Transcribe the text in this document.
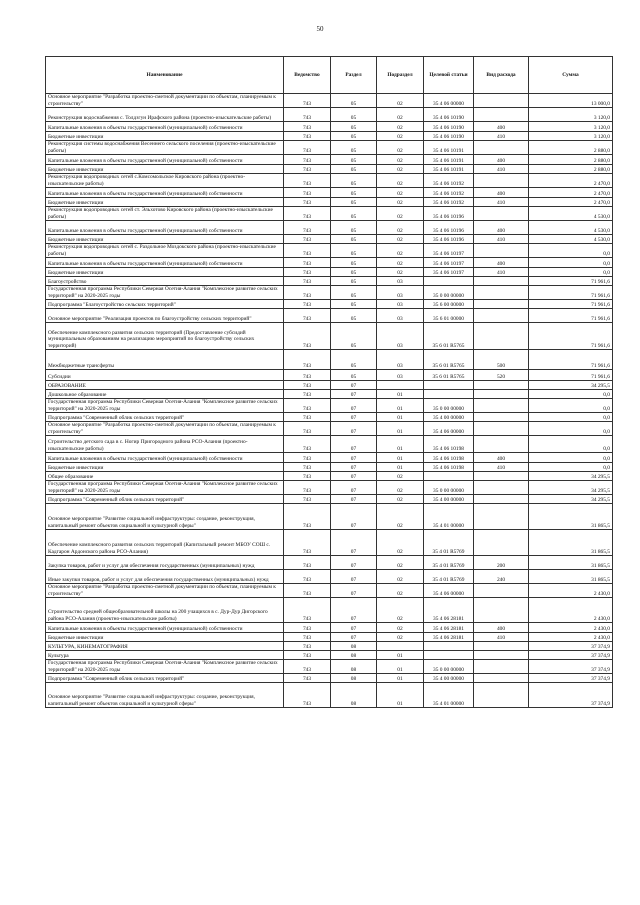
50
Наименование	Ведомство	Раздел	Подраздел	Целевой статьи	Вид расхода	Сумма
Основное мероприятие "Разработка проектно-сметной документации по объектам, планируемым к строительству"	743	05	02	35 4 06 00000		13 000,0
Реконструкция водоснабжения с. Толдзгун Ирафского района (проектно-изыскательские работы)	743	05	02	35 4 06 10190		3 120,0
Капитальные вложения в объекты государственной (муниципальной) собственности	743	05	02	35 4 06 10190	400	3 120,0
Бюджетные инвестиции	743	05	02	35 4 06 10190	410	3 120,0
Реконструкция системы водоснабжения Весеннего сельского поселения (проектно-изыскательские работы)	743	05	02	35 4 06 10191		2 880,0
Капитальные вложения в объекты государственной (муниципальной) собственности	743	05	02	35 4 06 10191	400	2 880,0
Бюджетные инвестиции	743	05	02	35 4 06 10191	410	2 880,0
Реконструкция водопроводных сетей с.Комсомольское Кировского района (проектно-изыскательские работы)	743	05	02	35 4 06 10192		2 470,0
Капитальные вложения в объекты государственной (муниципальной) собственности	743	05	02	35 4 06 10192	400	2 470,0
Бюджетные инвестиции	743	05	02	35 4 06 10192	410	2 470,0
Реконструкция водопроводных сетей ст. Эльхотово Кировского района (проектно-изыскательские работы)	743	05	02	35 4 06 10196		4 530,0
Капитальные вложения в объекты государственной (муниципальной) собственности	743	05	02	35 4 06 10196	400	4 530,0
Бюджетные инвестиции	743	05	02	35 4 06 10196	410	4 530,0
Реконструкция водопроводных сетей с. Раздольное Моздокского района (проектно-изыскательские работы)	743	05	02	35 4 06 10197		0,0
Капитальные вложения в объекты государственной (муниципальной) собственности	743	05	02	35 4 06 10197	400	0,0
Бюджетные инвестиции	743	05	02	35 4 06 10197	410	0,0
Благоустройство	743	05	03			71 961,6
Государственная программа Республики Северная Осетия-Алания "Комплексное развитие сельских территорий" на 2020-2025 годы	743	05	03	35 0 00 00000		71 961,6
Подпрограмма "Благоустройство сельских территорий"	743	05	03	35 6 00 00000		71 961,6
Основное мероприятие "Реализация проектов по благоустройству сельских территорий"	743	05	03	35 6 01 00000		71 961,6
Обеспечение комплексного развития сельских территорий (Предоставление субсидий муниципальным образованиям на реализацию мероприятий по благоустройству сельских территорий)	743	05	03	35 6 01 R5765		71 961,6
Межбюджетные трансферты	743	05	03	35 6 01 R5765	500	71 961,6
Субсидии	743	05	03	35 6 01 R5765	520	71 961,6
ОБРАЗОВАНИЕ	743	07				34 295,5
Дошкольное образование	743	07	01			0,0
Государственная программа Республики Северная Осетия-Алания "Комплексное развитие сельских территорий" на 2020-2025 годы	743	07	01	35 0 00 00000		0,0
Подпрограмма "Современный облик сельских территорий"	743	07	01	35 4 00 00000		0,0
Основное мероприятие "Разработка проектно-сметной документации по объектам, планируемым к строительству"	743	07	01	35 4 06 00000		0,0
Строительство детского сада в с. Ногир Пригородного района РСО-Алания (проектно-изыскательские работы)	743	07	01	35 4 06 10198		0,0
Капитальные вложения в объекты государственной (муниципальной) собственности	743	07	01	35 4 06 10198	400	0,0
Бюджетные инвестиции	743	07	01	35 4 06 10198	410	0,0
Общее образование	743	07	02			34 295,5
Государственная программа Республики Северная Осетия-Алания "Комплексное развитие сельских территорий" на 2020-2025 годы	743	07	02	35 0 00 00000		34 295,5
Подпрограмма "Современный облик сельских территорий"	743	07	02	35 4 00 00000		34 295,5
Основное мероприятие "Развитие социальной инфраструктуры: создание, реконструкция, капитальный ремонт объектов социальной и культурной сферы"	743	07	02	35 4 01 00000		31 865,5
Обеспечение комплексного развития сельских территорий (Капитальный ремонт МБОУ СОШ с. Кадгарон Ардонского района РСО-Алания)	743	07	02	35 4 01 R5769		31 865,5
Закупка товаров, работ и услуг для обеспечения государственных (муниципальных) нужд	743	07	02	35 4 01 R5769	200	31 865,5
Иные закупки товаров, работ и услуг для обеспечения государственных (муниципальных) нужд	743	07	02	35 4 01 R5769	240	31 865,5
Основное мероприятие "Разработка проектно-сметной документации по объектам, планируемым к строительству"	743	07	02	35 4 06 00000		2 430,0
Строительство средней общеобразовательной школы на 200 учащихся в с. Дур-Дур Дигорского района РСО-Алания (проектно-изыскательские работы)	743	07	02	35 4 06 28181		2 430,0
Капитальные вложения в объекты государственной (муниципальной) собственности	743	07	02	35 4 06 28181	400	2 430,0
Бюджетные инвестиции	743	07	02	35 4 06 28181	410	2 430,0
КУЛЬТУРА, КИНЕМАТОГРАФИЯ	743	08				37 374,9
Культура	743	08	01			37 374,9
Государственная программа Республики Северная Осетия-Алания "Комплексное развитие сельских территорий" на 2020-2025 годы	743	08	01	35 0 00 00000		37 374,9
Подпрограмма "Современный облик сельских территорий"	743	08	01	35 4 00 00000		37 374,9
Основное мероприятие "Развитие социальной инфраструктуры: создание, реконструкция, капитальный ремонт объектов социальной и культурной сферы"	743	08	01	35 4 01 00000		37 374,9
